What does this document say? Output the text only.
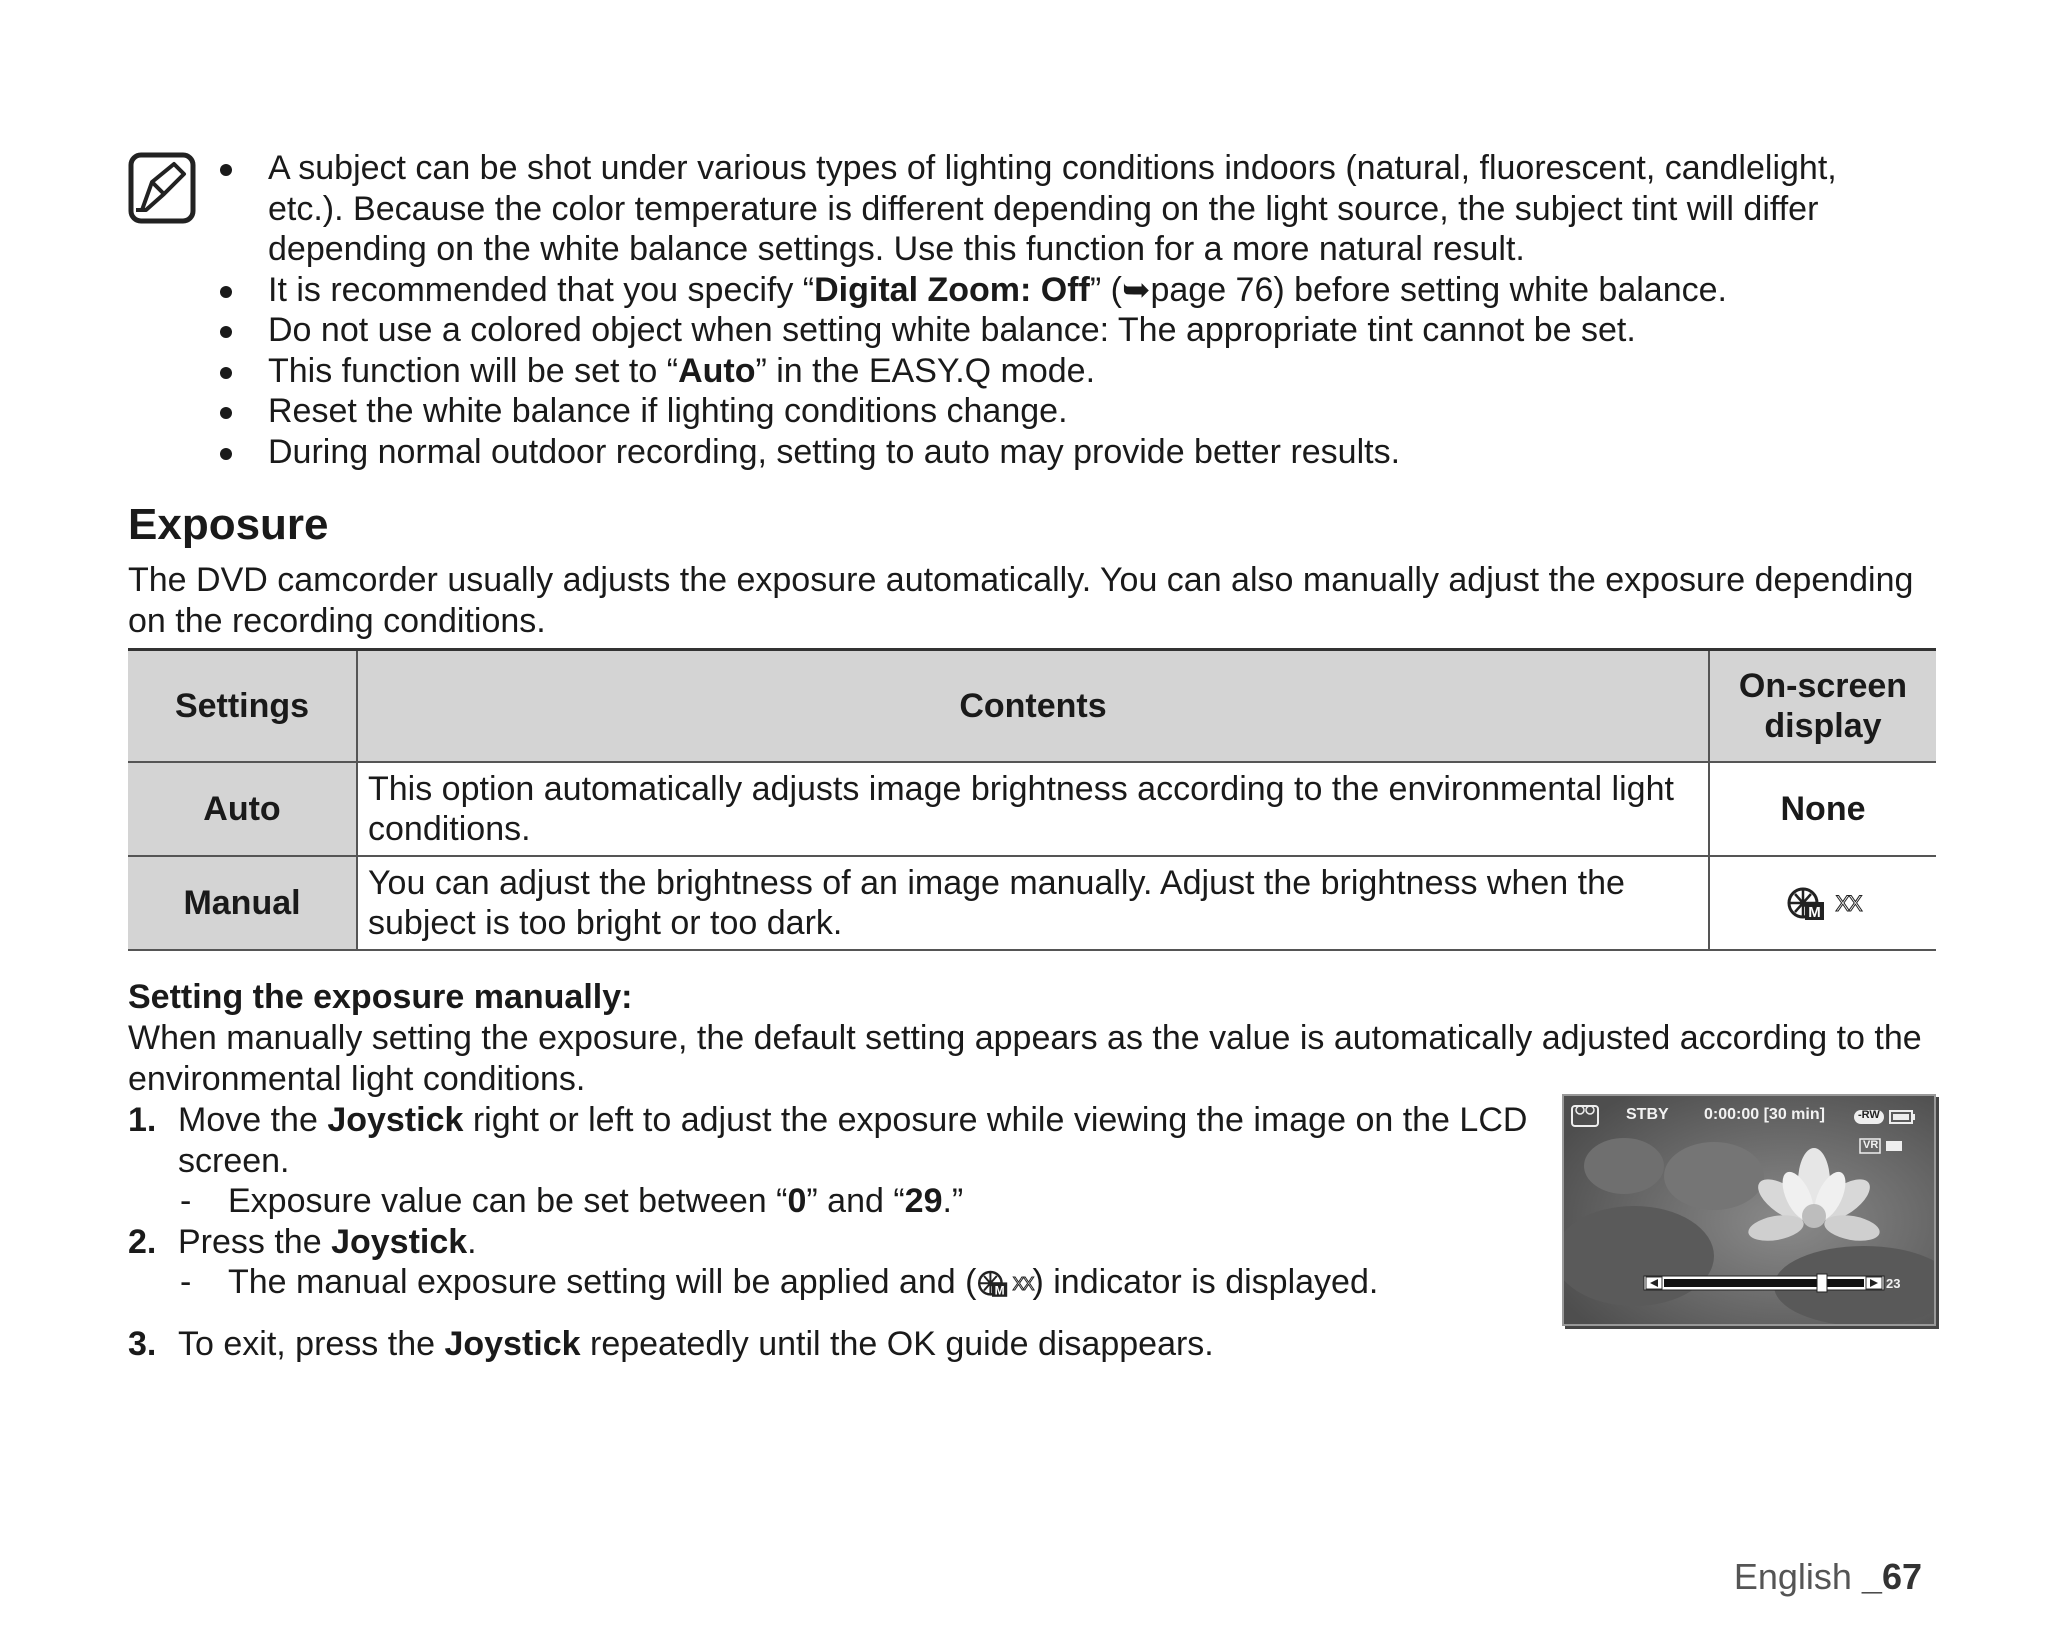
A subject can be shot under various types of lighting conditions indoors (natural, fluorescent, candlelight, etc.). Because the color temperature is different depending on the light source, the subject tint will differ depending on the white balance settings. Use this function for a more natural result.
It is recommended that you specify “Digital Zoom: Off” (➥page 76) before setting white balance.
Do not use a colored object when setting white balance: The appropriate tint cannot be set.
This function will be set to “Auto” in the EASY.Q mode.
Reset the white balance if lighting conditions change.
During normal outdoor recording, setting to auto may provide better results.
Exposure

The DVD camcorder usually adjusts the exposure automatically. You can also manually adjust the exposure depending on the recording conditions.

Settings	Contents	On-screen display
Auto	This option automatically adjusts image brightness according to the environmental light conditions.	None
Manual	You can adjust the brightness of an image manually. Adjust the brightness when the subject is too bright or too dark.	M XX
Setting the exposure manually:

When manually setting the exposure, the default setting appears as the value is automatically adjusted according to the environmental light conditions.

1. Move the Joystick right or left to adjust the exposure while viewing the image on the LCD screen.
- Exposure value can be set between “0” and “29.”
2. Press the Joystick.
- The manual exposure setting will be applied and ( M XX ) indicator is displayed.
3. To exit, press the Joystick repeatedly until the OK guide disappears.
STBY 0:00:00 [30 min]	-RW
VR
23
English _67
